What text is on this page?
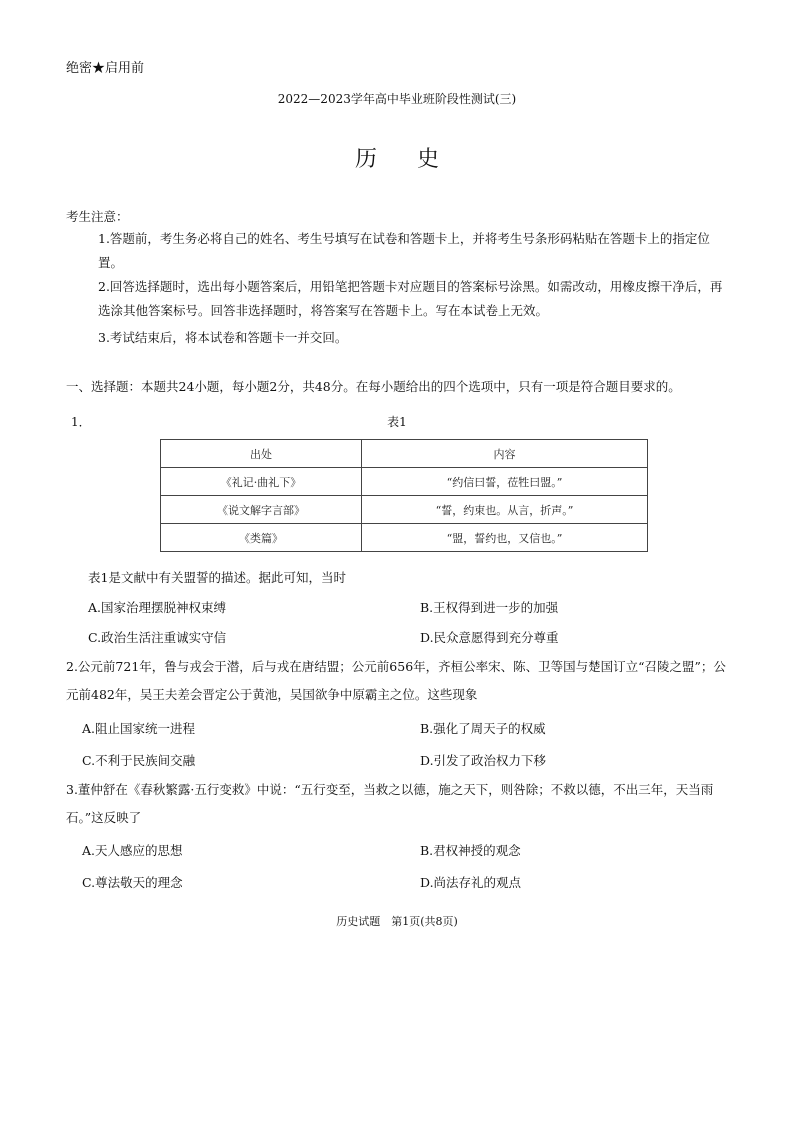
绝密★启用前
2022—2023学年高中毕业班阶段性测试(三)
历史
考生注意：
1.答题前，考生务必将自己的姓名、考生号填写在试卷和答题卡上，并将考生号条形码粘贴在答题卡上的指定位置。
2.回答选择题时，选出每小题答案后，用铅笔把答题卡对应题目的答案标号涂黑。如需改动，用橡皮擦干净后，再选涂其他答案标号。回答非选择题时，将答案写在答题卡上。写在本试卷上无效。
3.考试结束后，将本试卷和答题卡一并交回。
一、选择题：本题共24小题，每小题2分，共48分。在每小题给出的四个选项中，只有一项是符合题目要求的。
1．	表1
出处	内容
《礼记·曲礼下》	“约信曰誓，莅牲曰盟。”
《说文解字言部》	“誓，约束也。从言，折声。”
《类篇》	“盟，誓约也，又信也。”
表1是文献中有关盟誓的描述。据此可知，当时
A.国家治理摆脱神权束缚	B.王权得到进一步的加强
C.政治生活注重诚实守信	D.民众意愿得到充分尊重
2.公元前721年，鲁与戎会于潜，后与戎在唐结盟；公元前656年，齐桓公率宋、陈、卫等国与楚国订立“召陵之盟”；公元前482年，吴王夫差会晋定公于黄池，吴国欲争中原霸主之位。这些现象
A.阻止国家统一进程	B.强化了周天子的权威
C.不利于民族间交融	D.引发了政治权力下移
3.董仲舒在《春秋繁露·五行变救》中说：“五行变至，当救之以德，施之天下，则咎除；不救以德，不出三年，天当雨石。”这反映了
A.天人感应的思想	B.君权神授的观念
C.尊法敬天的理念	D.尚法存礼的观点
历史试题　第1页(共8页)
